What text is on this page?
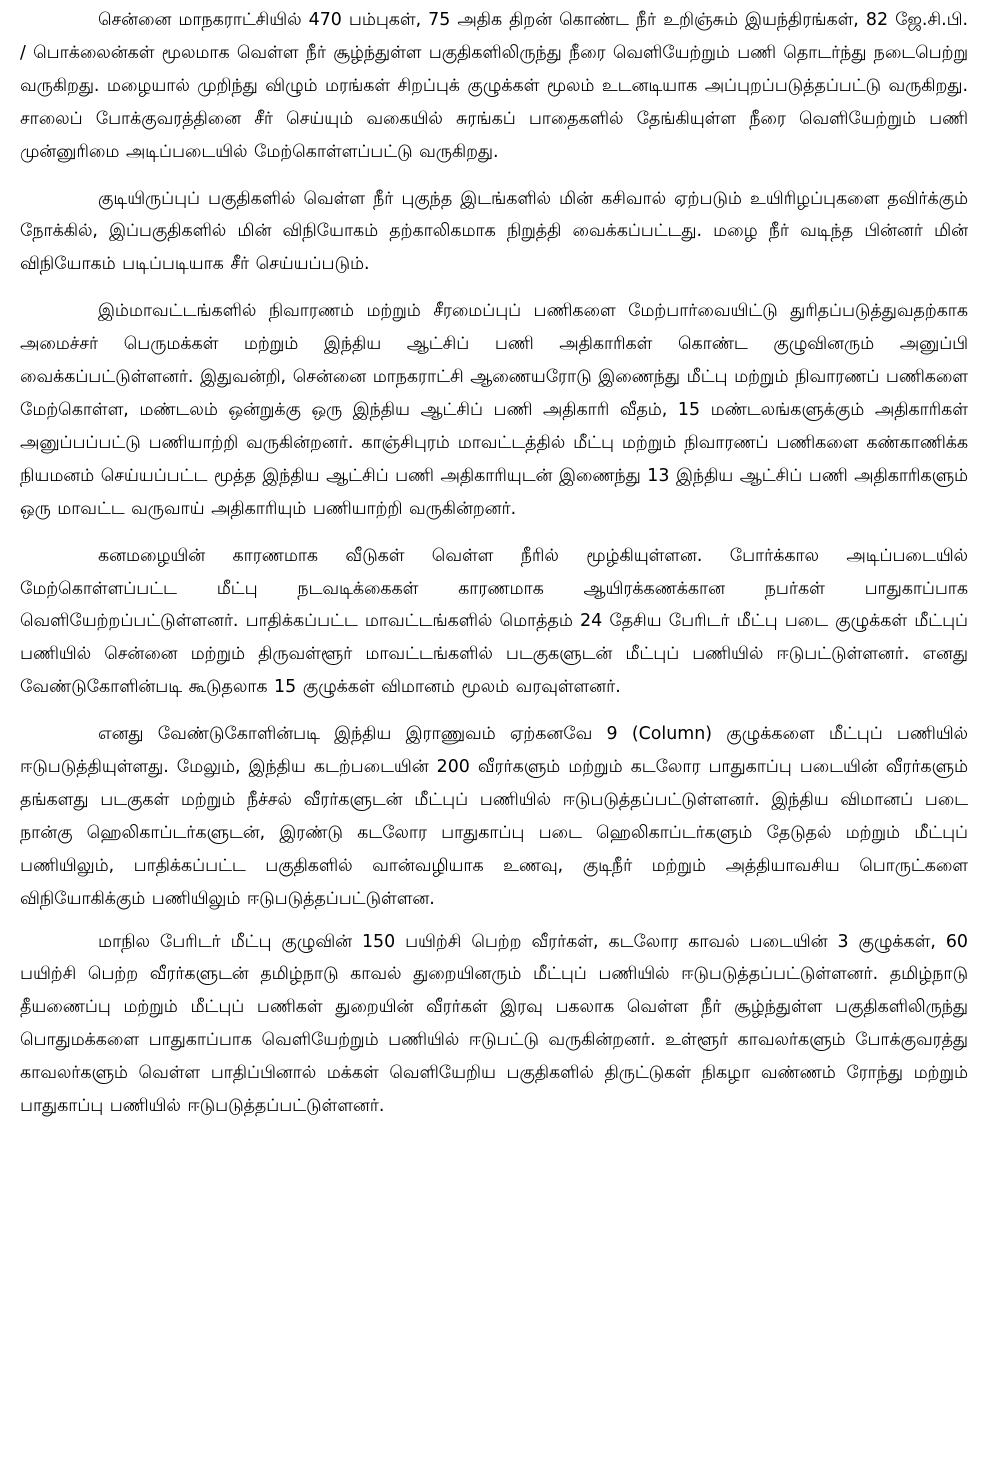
சென்னை மாநகராட்சியில் 470 பம்புகள், 75 அதிக திறன் கொண்ட நீர் உறிஞ்சும் இயந்திரங்கள், 82 ஜே.சி.பி. / பொக்லைன்கள் மூலமாக வெள்ள நீர் சூழ்ந்துள்ள பகுதிகளிலிருந்து நீரை வெளியேற்றும் பணி தொடர்ந்து நடைபெற்று வருகிறது. மழையால் முறிந்து விழும் மரங்கள் சிறப்புக் குழுக்கள் மூலம் உடனடியாக அப்புறப்படுத்தப்பட்டு வருகிறது. சாலைப் போக்குவரத்தினை சீர் செய்யும் வகையில் சுரங்கப் பாதைகளில் தேங்கியுள்ள நீரை வெளியேற்றும் பணி முன்னுரிமை அடிப்படையில் மேற்கொள்ளப்பட்டு வருகிறது.

குடியிருப்புப் பகுதிகளில் வெள்ள நீர் புகுந்த இடங்களில் மின் கசிவால் ஏற்படும் உயிரிழப்புகளை தவிர்க்கும் நோக்கில், இப்பகுதிகளில் மின் விநியோகம் தற்காலிகமாக நிறுத்தி வைக்கப்பட்டது. மழை நீர் வடிந்த பின்னர் மின் விநியோகம் படிப்படியாக சீர் செய்யப்படும்.

இம்மாவட்டங்களில் நிவாரணம் மற்றும் சீரமைப்புப் பணிகளை மேற்பார்வையிட்டு துரிதப்படுத்துவதற்காக அமைச்சர் பெருமக்கள் மற்றும் இந்திய ஆட்சிப் பணி அதிகாரிகள் கொண்ட குழுவினரும் அனுப்பி வைக்கப்பட்டுள்ளனர். இதுவன்றி, சென்னை மாநகராட்சி ஆணையரோடு இணைந்து மீட்பு மற்றும் நிவாரணப் பணிகளை மேற்கொள்ள, மண்டலம் ஒன்றுக்கு ஒரு இந்திய ஆட்சிப் பணி அதிகாரி வீதம், 15 மண்டலங்களுக்கும் அதிகாரிகள் அனுப்பப்பட்டு பணியாற்றி வருகின்றனர். காஞ்சிபுரம் மாவட்டத்தில் மீட்பு மற்றும் நிவாரணப் பணிகளை கண்காணிக்க நியமனம் செய்யப்பட்ட மூத்த இந்திய ஆட்சிப் பணி அதிகாரியுடன் இணைந்து 13 இந்திய ஆட்சிப் பணி அதிகாரிகளும் ஒரு மாவட்ட வருவாய் அதிகாரியும் பணியாற்றி வருகின்றனர்.

கனமழையின் காரணமாக வீடுகள் வெள்ள நீரில் மூழ்கியுள்ளன. போர்க்கால அடிப்படையில் மேற்கொள்ளப்பட்ட மீட்பு நடவடிக்கைகள் காரணமாக ஆயிரக்கணக்கான நபர்கள் பாதுகாப்பாக வெளியேற்றப்பட்டுள்ளனர். பாதிக்கப்பட்ட மாவட்டங்களில் மொத்தம் 24 தேசிய பேரிடர் மீட்பு படை குழுக்கள் மீட்புப் பணியில் சென்னை மற்றும் திருவள்ளூர் மாவட்டங்களில் படகுகளுடன் மீட்புப் பணியில் ஈடுபட்டுள்ளனர். எனது வேண்டுகோளின்படி கூடுதலாக 15 குழுக்கள் விமானம் மூலம் வரவுள்ளனர்.

எனது வேண்டுகோளின்படி இந்திய இராணுவம் ஏற்கனவே 9 (Column) குழுக்களை மீட்புப் பணியில் ஈடுபடுத்தியுள்ளது. மேலும், இந்திய கடற்படையின் 200 வீரர்களும் மற்றும் கடலோர பாதுகாப்பு படையின் வீரர்களும் தங்களது படகுகள் மற்றும் நீச்சல் வீரர்களுடன் மீட்புப் பணியில் ஈடுபடுத்தப்பட்டுள்ளனர். இந்திய விமானப் படை நான்கு ஹெலிகாப்டர்களுடன், இரண்டு கடலோர பாதுகாப்பு படை ஹெலிகாப்டர்களும் தேடுதல் மற்றும் மீட்புப் பணியிலும், பாதிக்கப்பட்ட பகுதிகளில் வான்வழியாக உணவு, குடிநீர் மற்றும் அத்தியாவசிய பொருட்களை விநியோகிக்கும் பணியிலும் ஈடுபடுத்தப்பட்டுள்ளன.

மாநில பேரிடர் மீட்பு குழுவின் 150 பயிற்சி பெற்ற வீரர்கள், கடலோர காவல் படையின் 3 குழுக்கள், 60 பயிற்சி பெற்ற வீரர்களுடன் தமிழ்நாடு காவல் துறையினரும் மீட்புப் பணியில் ஈடுபடுத்தப்பட்டுள்ளனர். தமிழ்நாடு தீயணைப்பு மற்றும் மீட்புப் பணிகள் துறையின் வீரர்கள் இரவு பகலாக வெள்ள நீர் சூழ்ந்துள்ள பகுதிகளிலிருந்து பொதுமக்களை பாதுகாப்பாக வெளியேற்றும் பணியில் ஈடுபட்டு வருகின்றனர். உள்ளூர் காவலர்களும் போக்குவரத்து காவலர்களும் வெள்ள பாதிப்பினால் மக்கள் வெளியேறிய பகுதிகளில் திருட்டுகள் நிகழா வண்ணம் ரோந்து மற்றும் பாதுகாப்பு பணியில் ஈடுபடுத்தப்பட்டுள்ளனர்.
